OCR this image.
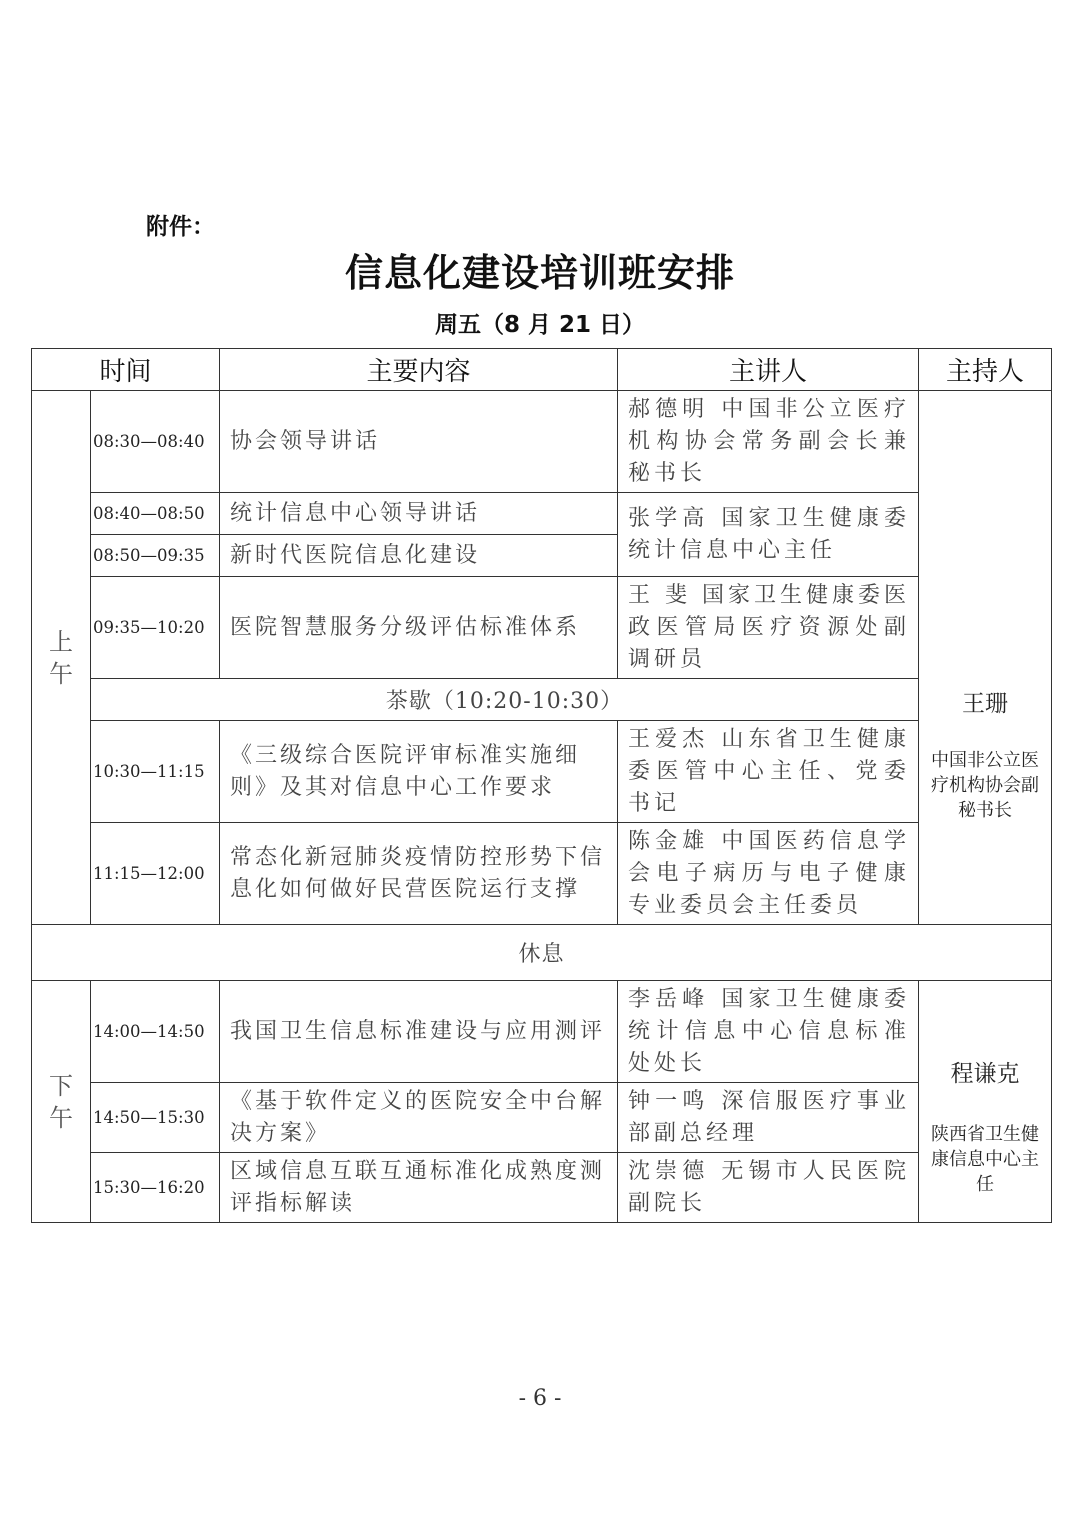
附件：
信息化建设培训班安排
周五（8 月 21 日）
时间		主要内容	主讲人	主持人
上午	08:30—08:40	协会领导讲话	郝德明 中国非公立医疗机构协会常务副会长兼秘书长	王珊
中国非公立医疗机构协会副秘书长

	08:40—08:50	统计信息中心领导讲话	张学高 国家卫生健康委统计信息中心主任	
	08:50—09:35	新时代医院信息化建设		
	09:35—10:20	医院智慧服务分级评估标准体系	王 斐 国家卫生健康委医政医管局医疗资源处副调研员	
	茶歇（10:20-10:30）			
	10:30—11:15	《三级综合医院评审标准实施细则》及其对信息中心工作要求	王爱杰 山东省卫生健康委医管中心主任、党委书记	
	11:15—12:00	常态化新冠肺炎疫情防控形势下信息化如何做好民营医院运行支撑	陈金雄 中国医药信息学会电子病历与电子健康专业委员会主任委员	

休息				
下午	14:00—14:50	我国卫生信息标准建设与应用测评	李岳峰 国家卫生健康委统计信息中心信息标准处处长	程谦克
陕西省卫生健康信息中心主任

	14:50—15:30	《基于软件定义的医院安全中台解决方案》	钟一鸣 深信服医疗事业部副总经理	
	15:30—16:20	区域信息互联互通标准化成熟度测评指标解读	沈崇德 无锡市人民医院副院长	
- 6 -
